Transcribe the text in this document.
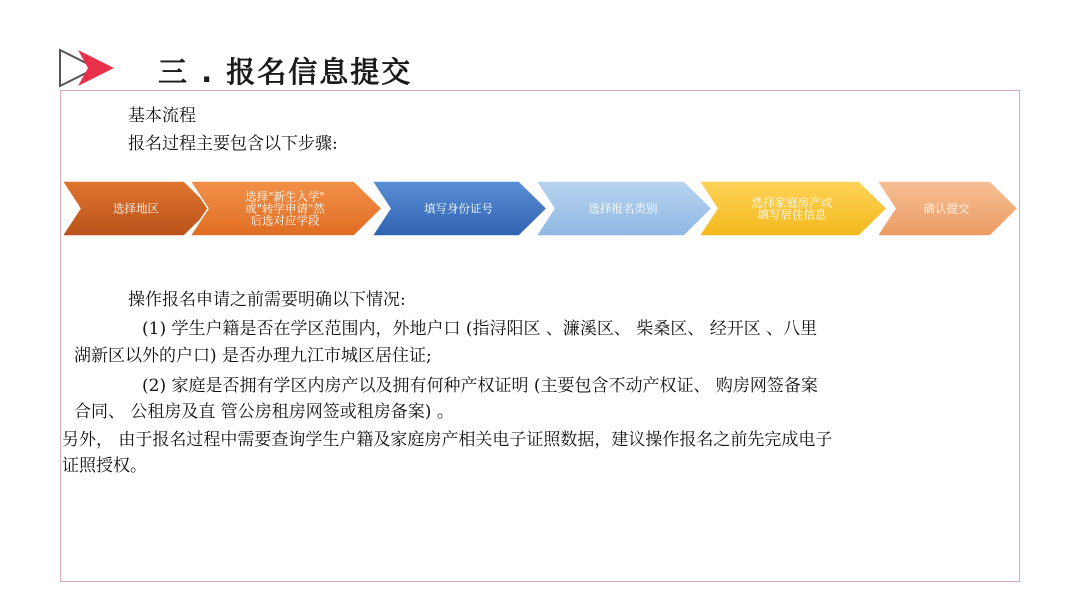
三 . 报名信息提交
基本流程
报名过程主要包含以下步骤:
选择地区
选择"新生入学"
或"转学申请"然
后选对应学段
填写身份证号	选择报名类别	选择家庭房产或
填写居住信息	确认提交
操作报名申请之前需要明确以下情况:
(1) 学生户籍是否在学区范围内，外地户口 (指浔阳区 、濂溪区、 柴桑区、 经开区 、八里
湖新区以外的户口) 是否办理九江市城区居住证;
(2) 家庭是否拥有学区内房产以及拥有何种产权证明 (主要包含不动产权证、 购房网签备案
合同、 公租房及直 管公房租房网签或租房备案) 。
另外， 由于报名过程中需要查询学生户籍及家庭房产相关电子证照数据，建议操作报名之前先完成电子
证照授权。
